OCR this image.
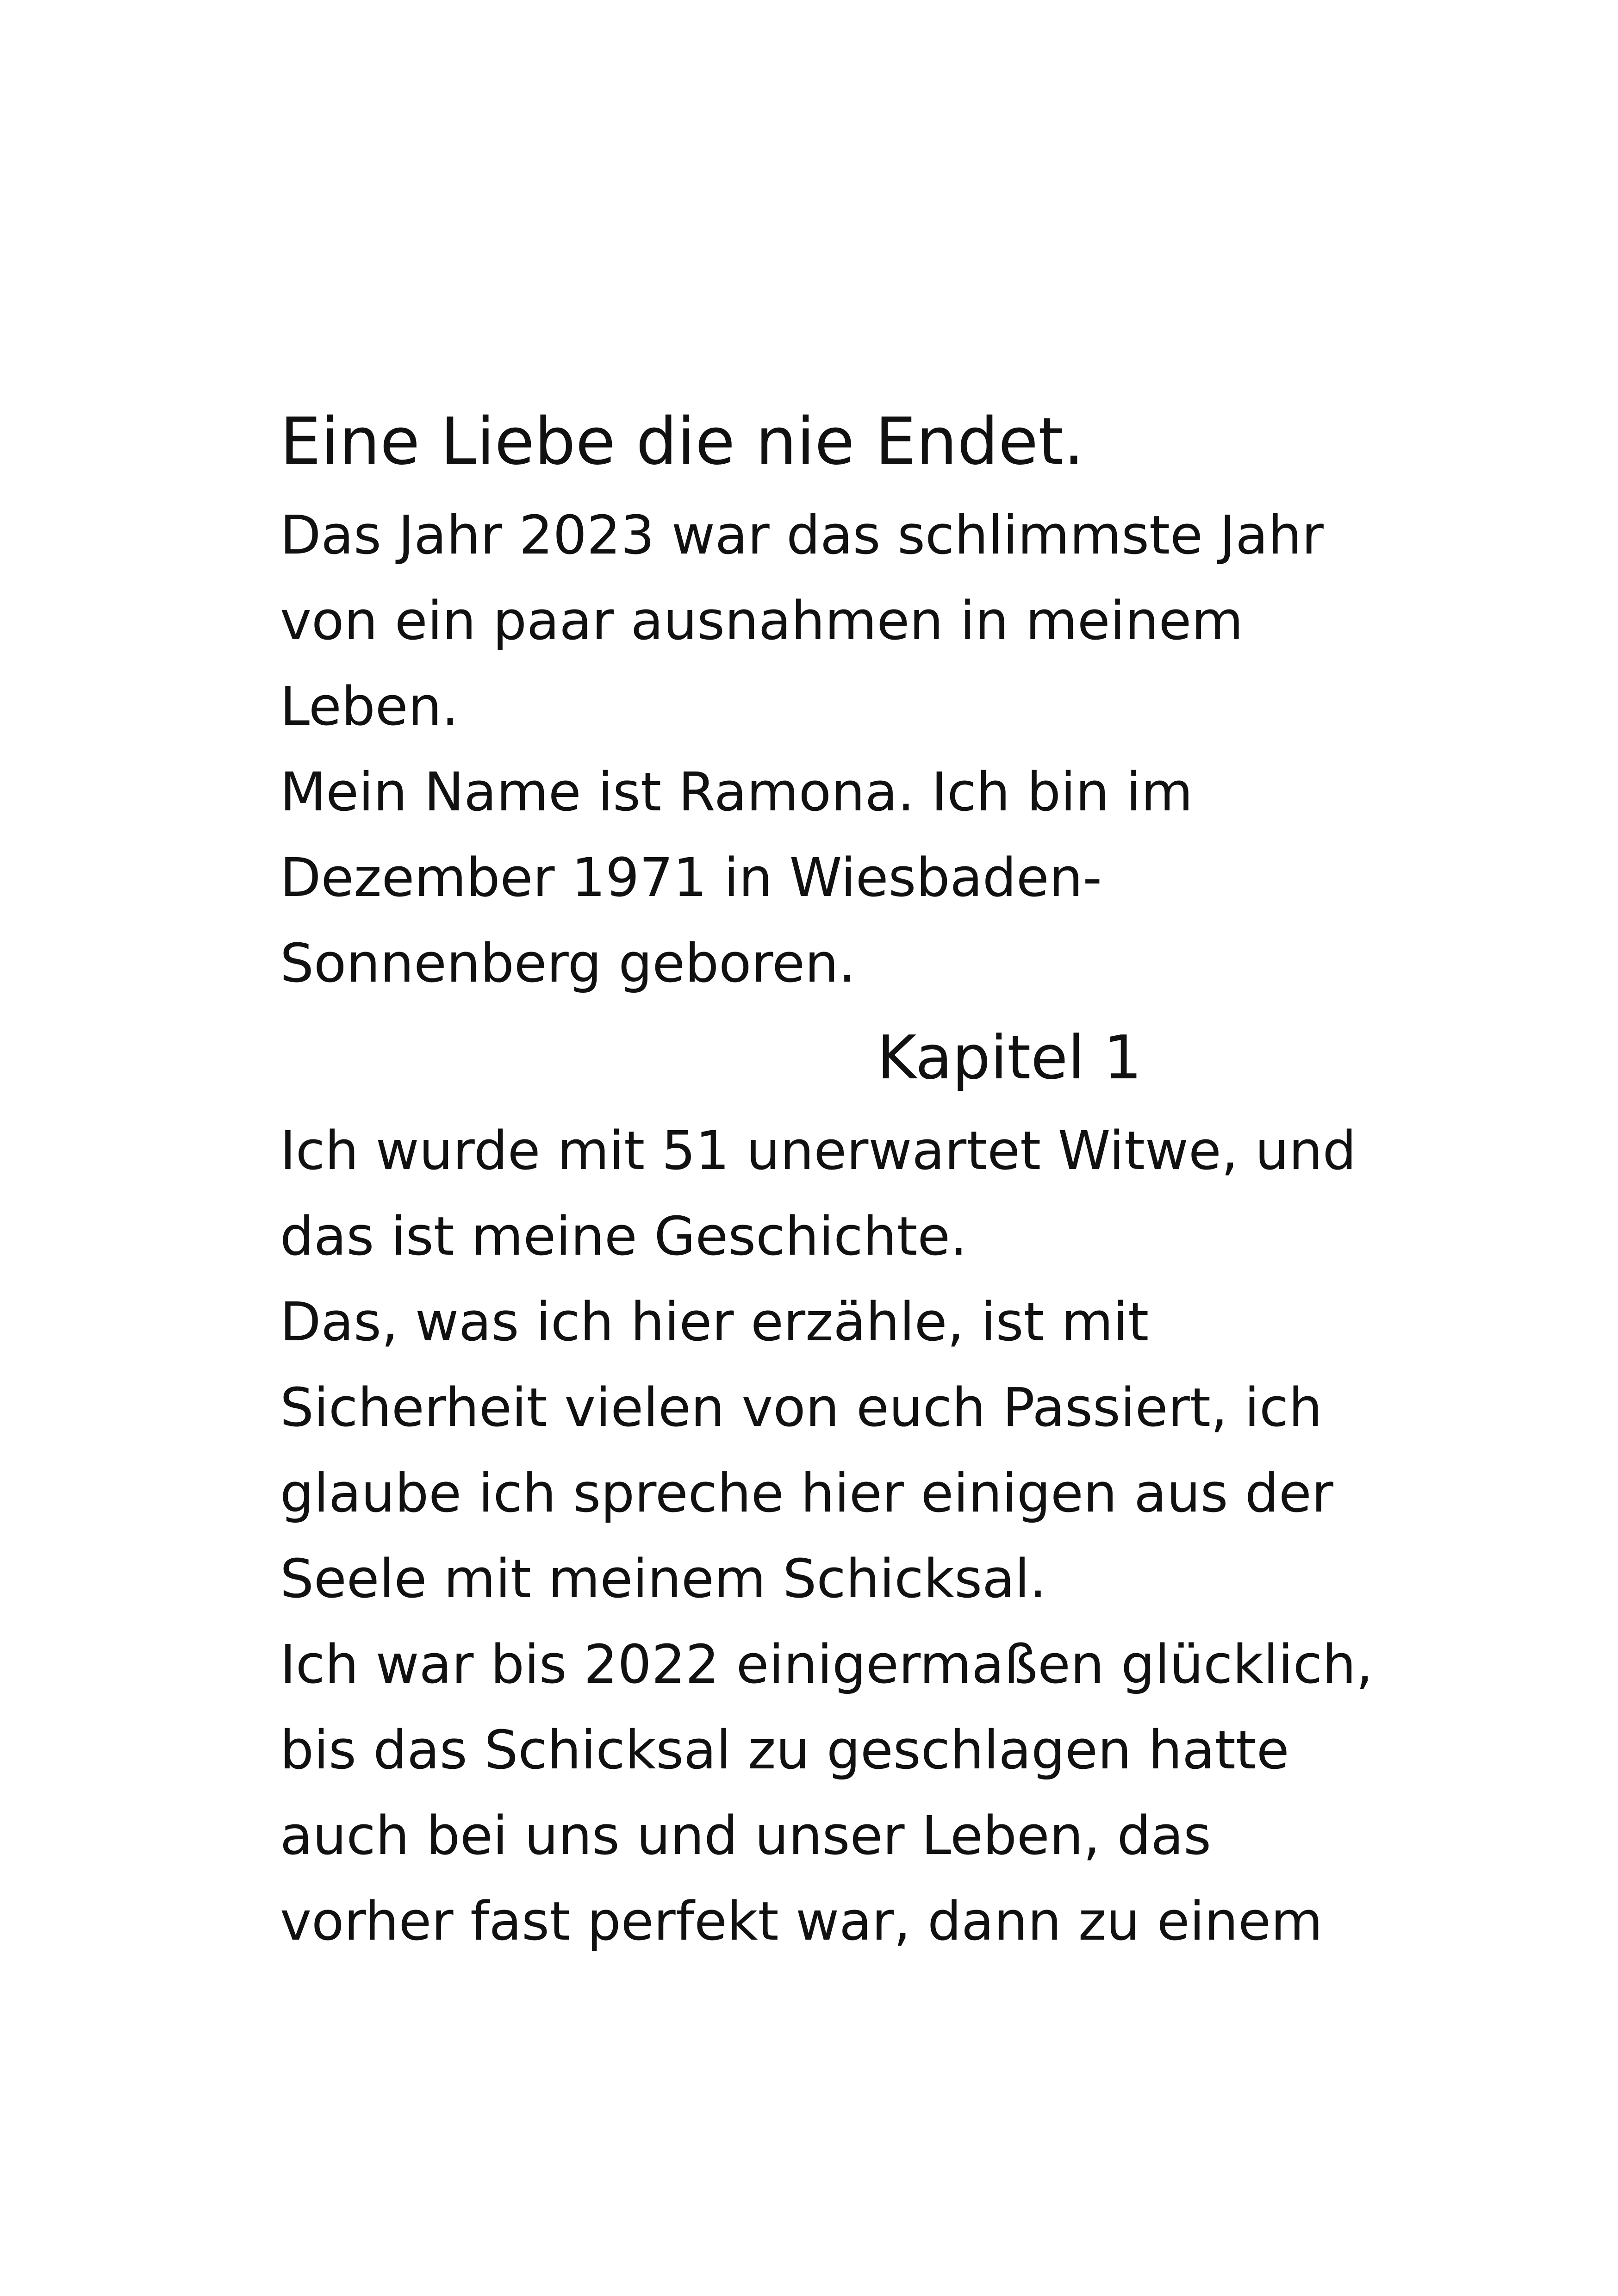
Eine Liebe die nie Endet.

Das Jahr 2023 war das schlimmste Jahr
von ein paar ausnahmen in meinem
Leben.

Mein Name ist Ramona. Ich bin im
Dezember 1971 in Wiesbaden-
Sonnenberg geboren.

Kapitel 1

Ich wurde mit 51 unerwartet Witwe, und
das ist meine Geschichte.

Das, was ich hier erzähle, ist mit
Sicherheit vielen von euch Passiert, ich
glaube ich spreche hier einigen aus der
Seele mit meinem Schicksal.

Ich war bis 2022 einigermaßen glücklich,
bis das Schicksal zu geschlagen hatte
auch bei uns und unser Leben, das
vorher fast perfekt war, dann zu einem
